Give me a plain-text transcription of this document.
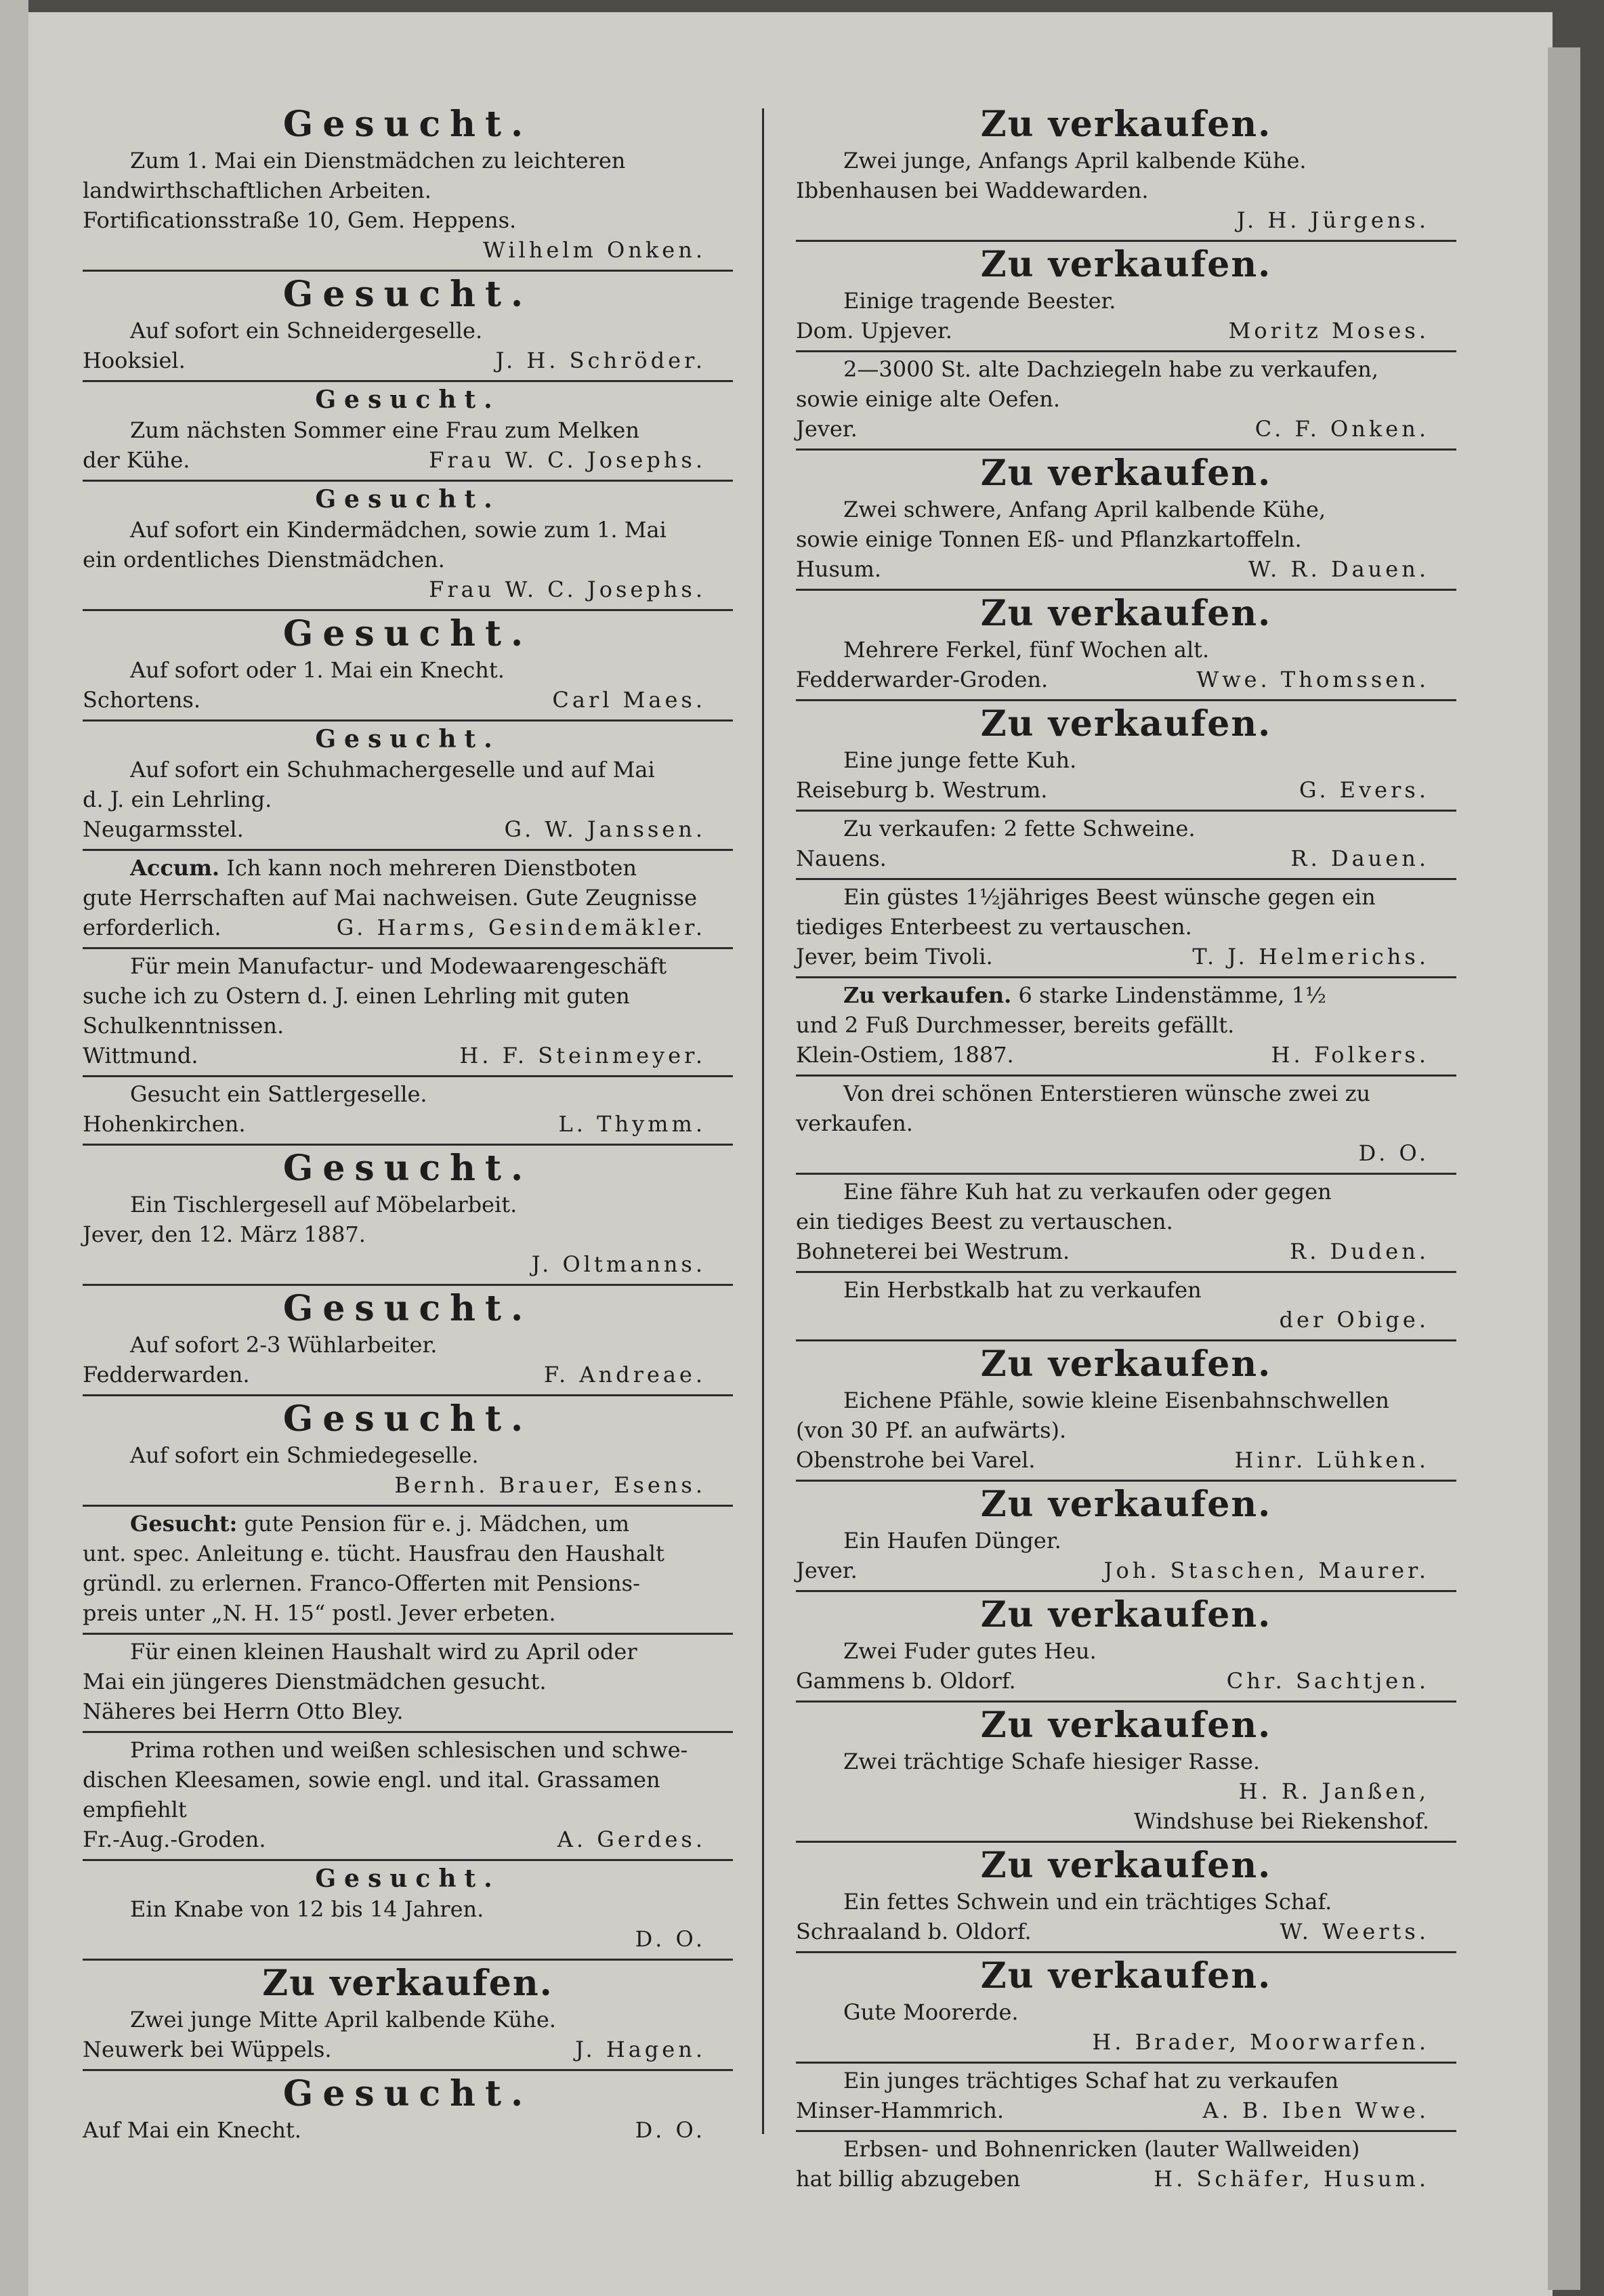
Gesucht.
Zum 1. Mai ein Dienstmädchen zu leichteren
landwirthschaftlichen Arbeiten.
Fortificationsstraße 10, Gem. Heppens.
Wilhelm Onken.
Gesucht.
Auf sofort ein Schneidergeselle.
Hooksiel.	J. H. Schröder.
Gesucht.
Zum nächsten Sommer eine Frau zum Melken
der Kühe.	Frau W. C. Josephs.
Gesucht.
Auf sofort ein Kindermädchen, sowie zum 1. Mai
ein ordentliches Dienstmädchen.
Frau W. C. Josephs.
Gesucht.
Auf sofort oder 1. Mai ein Knecht.
Schortens.	Carl Maes.
Gesucht.
Auf sofort ein Schuhmachergeselle und auf Mai
d. J. ein Lehrling.
Neugarmsstel.	G. W. Janssen.
Accum. Ich kann noch mehreren Dienstboten
gute Herrschaften auf Mai nachweisen. Gute Zeugnisse
erforderlich.	G. Harms, Gesindemäkler.
Für mein Manufactur- und Modewaarengeschäft
suche ich zu Ostern d. J. einen Lehrling mit guten
Schulkenntnissen.
Wittmund.	H. F. Steinmeyer.
Gesucht ein Sattlergeselle.
Hohenkirchen.	L. Thymm.
Gesucht.
Ein Tischlergesell auf Möbelarbeit.
Jever, den 12. März 1887.
J. Oltmanns.
Gesucht.
Auf sofort 2-3 Wühlarbeiter.
Fedderwarden.	F. Andreae.
Gesucht.
Auf sofort ein Schmiedegeselle.
Bernh. Brauer, Esens.
Gesucht: gute Pension für e. j. Mädchen, um
unt. spec. Anleitung e. tücht. Hausfrau den Haushalt
gründl. zu erlernen. Franco-Offerten mit Pensions-
preis unter „N. H. 15“ postl. Jever erbeten.
Für einen kleinen Haushalt wird zu April oder
Mai ein jüngeres Dienstmädchen gesucht.
Näheres bei Herrn Otto Bley.
Prima rothen und weißen schlesischen und schwe-
dischen Kleesamen, sowie engl. und ital. Grassamen
empfiehlt
Fr.-Aug.-Groden.	A. Gerdes.
Gesucht.
Ein Knabe von 12 bis 14 Jahren.
D. O.
Zu verkaufen.
Zwei junge Mitte April kalbende Kühe.
Neuwerk bei Wüppels.	J. Hagen.
Gesucht.
Auf Mai ein Knecht.	D. O.
Zu verkaufen.
Zwei junge, Anfangs April kalbende Kühe.
Ibbenhausen bei Waddewarden.
J. H. Jürgens.
Zu verkaufen.
Einige tragende Beester.
Dom. Upjever.	Moritz Moses.
2—3000 St. alte Dachziegeln habe zu verkaufen,
sowie einige alte Oefen.
Jever.	C. F. Onken.
Zu verkaufen.
Zwei schwere, Anfang April kalbende Kühe,
sowie einige Tonnen Eß- und Pflanzkartoffeln.
Husum.	W. R. Dauen.
Zu verkaufen.
Mehrere Ferkel, fünf Wochen alt.
Fedderwarder-Groden.	Wwe. Thomssen.
Zu verkaufen.
Eine junge fette Kuh.
Reiseburg b. Westrum.	G. Evers.
Zu verkaufen: 2 fette Schweine.
Nauens.	R. Dauen.
Ein güstes 1½jähriges Beest wünsche gegen ein
tiediges Enterbeest zu vertauschen.
Jever, beim Tivoli.	T. J. Helmerichs.
Zu verkaufen. 6 starke Lindenstämme, 1½
und 2 Fuß Durchmesser, bereits gefällt.
Klein-Ostiem, 1887.	H. Folkers.
Von drei schönen Enterstieren wünsche zwei zu
verkaufen.
D. O.
Eine fähre Kuh hat zu verkaufen oder gegen
ein tiediges Beest zu vertauschen.
Bohneterei bei Westrum.	R. Duden.
Ein Herbstkalb hat zu verkaufen
der Obige.
Zu verkaufen.
Eichene Pfähle, sowie kleine Eisenbahnschwellen
(von 30 Pf. an aufwärts).
Obenstrohe bei Varel.	Hinr. Lühken.
Zu verkaufen.
Ein Haufen Dünger.
Jever.	Joh. Staschen, Maurer.
Zu verkaufen.
Zwei Fuder gutes Heu.
Gammens b. Oldorf.	Chr. Sachtjen.
Zu verkaufen.
Zwei trächtige Schafe hiesiger Rasse.
H. R. Janßen,
Windshuse bei Riekenshof.
Zu verkaufen.
Ein fettes Schwein und ein trächtiges Schaf.
Schraaland b. Oldorf.	W. Weerts.
Zu verkaufen.
Gute Moorerde.
H. Brader, Moorwarfen.
Ein junges trächtiges Schaf hat zu verkaufen
Minser-Hammrich.	A. B. Iben Wwe.
Erbsen- und Bohnenricken (lauter Wallweiden)
hat billig abzugeben	H. Schäfer, Husum.
